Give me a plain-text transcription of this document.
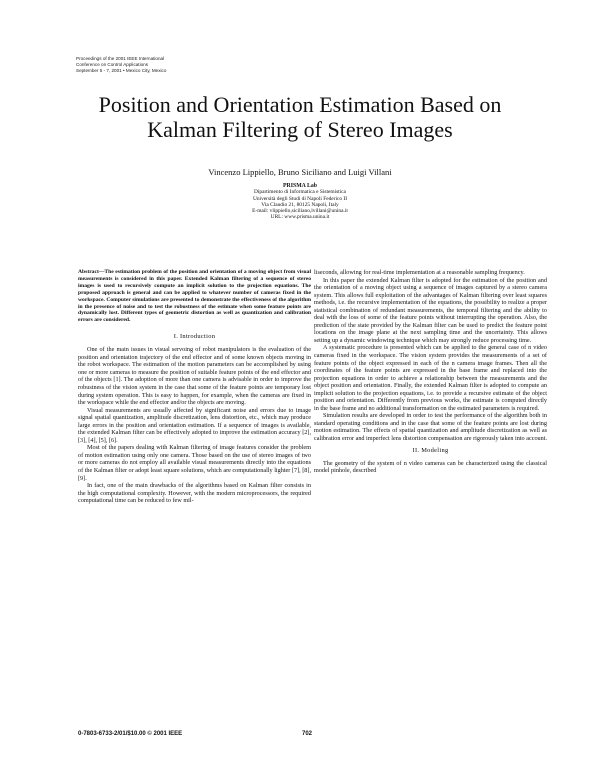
Proceedings of the 2001 IEEE International
Conference on Control Applications
September 5 - 7, 2001 • Mexico City, Mexico
Position and Orientation Estimation Based on
Kalman Filtering of Stereo Images
Vincenzo Lippiello, Bruno Siciliano and Luigi Villani
PRISMA Lab
Dipartimento di Informatica e Sistemistica
Università degli Studi di Napoli Federico II
Via Claudio 21, 80125 Napoli, Italy
E-mail: vlippiello,siciliano,lvillani@unina.it
URL: www.prisma.unina.it
Abstract—The estimation problem of the position and orientation of a moving object from visual measurements is considered in this paper. Extended Kalman filtering of a sequence of stereo images is used to recursively compute an implicit solution to the projection equations. The proposed approach is general and can be applied to whatever number of cameras fixed in the workspace. Computer simulations are presented to demonstrate the effectiveness of the algorithm in the presence of noise and to test the robustness of the estimate when some feature points are dynamically lost. Different types of geometric distortion as well as quantization and calibration errors are considered.
I. Introduction

One of the main issues in visual servoing of robot manipulators is the evaluation of the position and orientation trajectory of the end effector and of some known objects moving in the robot workspace. The estimation of the motion parameters can be accomplished by using one or more cameras to measure the position of suitable feature points of the end effector and of the objects [1]. The adoption of more than one camera is advisable in order to improve the robustness of the vision system in the case that some of the feature points are temporary lost during system operation. This is easy to happen, for example, when the cameras are fixed in the workspace while the end effector and/or the objects are moving.

Visual measurements are usually affected by significant noise and errors due to image signal spatial quantization, amplitude discretization, lens distortion, etc., which may produce large errors in the position and orientation estimation. If a sequence of images is available, the extended Kalman filter can be effectively adopted to improve the estimation accuracy [2], [3], [4], [5], [6].

Most of the papers dealing with Kalman filtering of image features consider the problem of motion estimation using only one camera. Those based on the use of stereo images of two or more cameras do not employ all available visual measurements directly into the equations of the Kalman filter or adopt least square solutions, which are computationally lighter [7], [8], [9].

In fact, one of the main drawbacks of the algorithms based on Kalman filter consists in the high computational complexity. However, with the modern microprocessors, the required computational time can be reduced to few mil-

liseconds, allowing for real-time implementation at a reasonable sampling frequency.

In this paper the extended Kalman filter is adopted for the estimation of the position and the orientation of a moving object using a sequence of images captured by a stereo camera system. This allows full exploitation of the advantages of Kalman filtering over least squares methods, i.e. the recursive implementation of the equations, the possibility to realize a proper statistical combination of redundant measurements, the temporal filtering and the ability to deal with the loss of some of the feature points without interrupting the operation. Also, the prediction of the state provided by the Kalman filter can be used to predict the feature point locations on the image plane at the next sampling time and the uncertainty. This allows setting up a dynamic windowing technique which may strongly reduce processing time.

A systematic procedure is presented which can be applied to the general case of n video cameras fixed in the workspace. The vision system provides the measurements of a set of feature points of the object expressed in each of the n camera image frames. Then all the coordinates of the feature points are expressed in the base frame and replaced into the projection equations in order to achieve a relationship between the measurements and the object position and orientation. Finally, the extended Kalman filter is adopted to compute an implicit solution to the projection equations, i.e. to provide a recursive estimate of the object position and orientation. Differently from previous works, the estimate is computed directly in the base frame and no additional transformation on the estimated parameters is required.

Simulation results are developed in order to test the performance of the algorithm both in standard operating conditions and in the case that some of the feature points are lost during motion estimation. The effects of spatial quantization and amplitude discretization as well as calibration error and imperfect lens distortion compensation are rigorously taken into account.

II. Modeling

The geometry of the system of n video cameras can be characterized using the classical model pinhole, described

0-7803-6733-2/01/$10.00 © 2001 IEEE	702
